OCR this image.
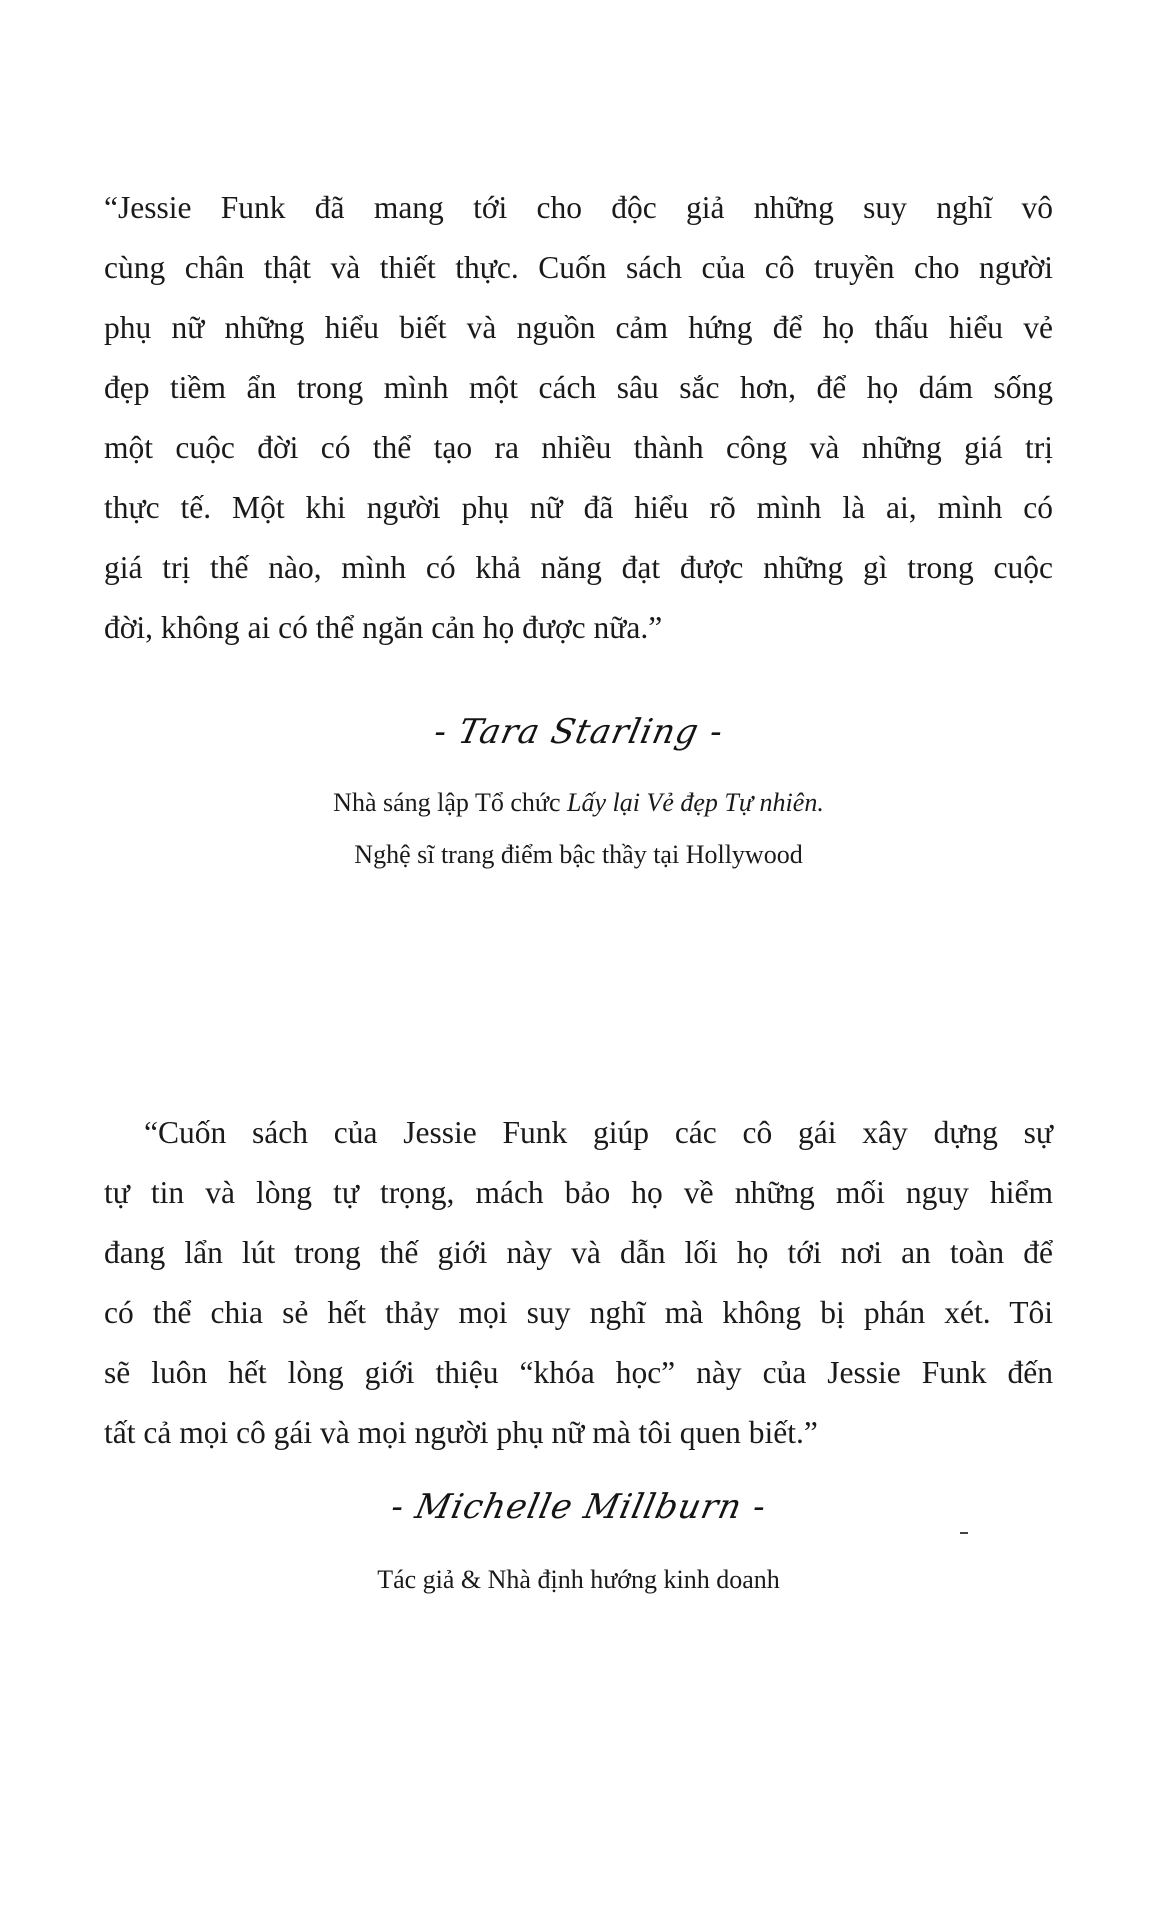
“Jessie Funk đã mang tới cho độc giả những suy nghĩ vô
cùng chân thật và thiết thực. Cuốn sách của cô truyền cho người
phụ nữ những hiểu biết và nguồn cảm hứng để họ thấu hiểu vẻ
đẹp tiềm ẩn trong mình một cách sâu sắc hơn, để họ dám sống
một cuộc đời có thể tạo ra nhiều thành công và những giá trị
thực tế. Một khi người phụ nữ đã hiểu rõ mình là ai, mình có
giá trị thế nào, mình có khả năng đạt được những gì trong cuộc
đời, không ai có thể ngăn cản họ được nữa.”
- Tara Starling -
Nhà sáng lập Tổ chức Lấy lại Vẻ đẹp Tự nhiên.
Nghệ sĩ trang điểm bậc thầy tại Hollywood
“Cuốn sách của Jessie Funk giúp các cô gái xây dựng sự
tự tin và lòng tự trọng, mách bảo họ về những mối nguy hiểm
đang lẩn lút trong thế giới này và dẫn lối họ tới nơi an toàn để
có thể chia sẻ hết thảy mọi suy nghĩ mà không bị phán xét. Tôi
sẽ luôn hết lòng giới thiệu “khóa học” này của Jessie Funk đến
tất cả mọi cô gái và mọi người phụ nữ mà tôi quen biết.”
- Michelle Millburn -
Tác giả & Nhà định hướng kinh doanh
